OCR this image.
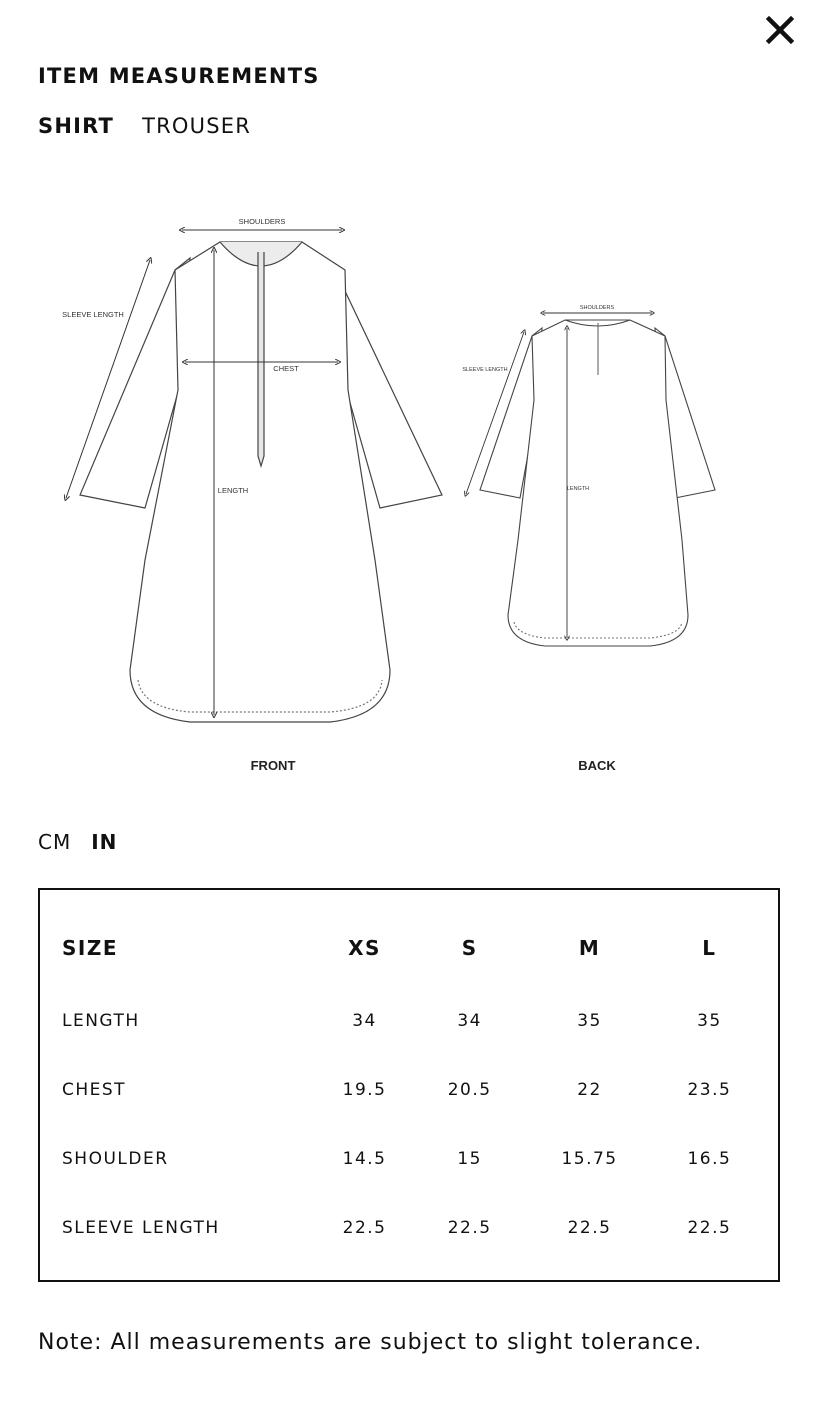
ITEM MEASUREMENTS
SHIRT TROUSER
SHOULDERS
CHEST
LENGTH
SLEEVE LENGTH
FRONT
SHOULDERS
LENGTH
SLEEVE LENGTH
BACK
CM IN
SIZE	XS	S	M	L
LENGTH	34	34	35	35
CHEST	19.5	20.5	22	23.5
SHOULDER	14.5	15	15.75	16.5
SLEEVE LENGTH	22.5	22.5	22.5	22.5

Note: All measurements are subject to slight tolerance.
